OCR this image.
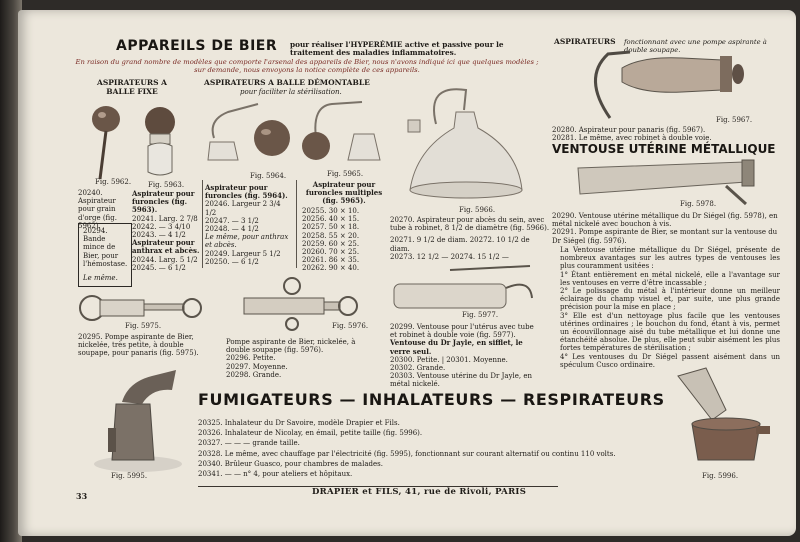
APPAREILS DE BIER pour réaliser l'HYPERÉMIE active et passive pour le traitement des maladies inflammatoires.
En raison du grand nombre de modèles que comporte l'arsenal des appareils de Bier, nous n'avons indiqué ici que quelques modèles ; sur demande, nous envoyons la notice complète de ces appareils.
ASPIRATEURS A BALLE FIXE
ASPIRATEURS A BALLE DÉMONTABLE
pour faciliter la stérilisation.
Fig. 5962. Fig. 5963.
Fig. 5964.	Fig. 5965.
Fig. 5966.
20240. Aspirateur pour grain d'orge (fig. 5962).
20294. Bande mince de Bier, pour l'hémostase.
Le même.
Aspirateur pour furoncles (fig. 5963).
20241. Larg. 2 7/8
20242. — 3 4/10
20243. — 4 1/2
Aspirateur pour anthrax et abcès.
20244. Larg. 5 1/2
20245. — 6 1/2
Aspirateur pour furoncles (fig. 5964).
20246. Largeur 2 3/4 1/2
20247. — 3 1/2
20248. — 4 1/2
Le même, pour anthrax et abcès.
20249. Largeur 5 1/2
20250. — 6 1/2
Aspirateur pour furoncles multiples (fig. 5965).
20255. 30 × 10.
20256. 40 × 15.
20257. 50 × 18.
20258. 55 × 20.
20259. 60 × 25.
20260. 70 × 25.
20261. 86 × 35.
20262. 90 × 40.
20270. Aspirateur pour abcès du sein, avec tube à robinet, 8 1/2 de diamètre (fig. 5966).
20271. 9 1/2 de diam. 20272. 10 1/2 de diam.
20273. 12 1/2 — 20274. 15 1/2 —
Fig. 5975.	Fig. 5976.
Fig. 5977.
20295. Pompe aspirante de Bier, nickelée, très petite, à double soupape, pour panaris (fig. 5975).
Pompe aspirante de Bier, nickelée, à double soupape (fig. 5976).
20296. Petite.
20297. Moyenne.
20298. Grande.
20299. Ventouse pour l'utérus avec tube et robinet à double voie (fig. 5977).
Ventouse du Dr Jayle, en sifflet, le verre seul.
20300. Petite. | 20301. Moyenne.
20302. Grande.
20303. Ventouse utérine du Dr Jayle, en métal nickelé.
ASPIRATEURS fonctionnant avec une pompe aspirante à double soupape.
Fig. 5967.
20280. Aspirateur pour panaris (fig. 5967).
20281. Le même, avec robinet à double voie.
VENTOUSE UTÉRINE MÉTALLIQUE
Fig. 5978.
20290. Ventouse utérine métallique du Dr Siégel (fig. 5978), en métal nickelé avec bouchon à vis.
20291. Pompe aspirante de Bier, se montant sur la ventouse du Dr Siégel (fig. 5976).
La Ventouse utérine métallique du Dr Siégel, présente de nombreux avantages sur les autres types de ventouses les plus couramment usitées :
1° Étant entièrement en métal nickelé, elle a l'avantage sur les ventouses en verre d'être incassable ;
2° Le polissage du métal à l'intérieur donne un meilleur éclairage du champ visuel et, par suite, une plus grande précision pour la mise en place ;
3° Elle est d'un nettoyage plus facile que les ventouses utérines ordinaires ; le bouchon du fond, étant à vis, permet un écouvillonnage aisé du tube métallique et lui donne une étanchéité absolue. De plus, elle peut subir aisément les plus fortes températures de stérilisation ;
4° Les ventouses du Dr Siégel passent aisément dans un spéculum Cusco ordinaire.
FUMIGATEURS — INHALATEURS — RESPIRATEURS
Fig. 5995.	Fig. 5996.
20325. Inhalateur du Dr Savoire, modèle Drapier et Fils.
20326. Inhalateur de Nicolay, en émail, petite taille (fig. 5996).
20327. — — — grande taille.
20328. Le même, avec chauffage par l'électricité (fig. 5995), fonctionnant sur courant alternatif ou continu 110 volts.
20340. Brûleur Guasco, pour chambres de malades.
20341. — — n° 4, pour ateliers et hôpitaux.
33	DRAPIER et FILS, 41, rue de Rivoli, PARIS
